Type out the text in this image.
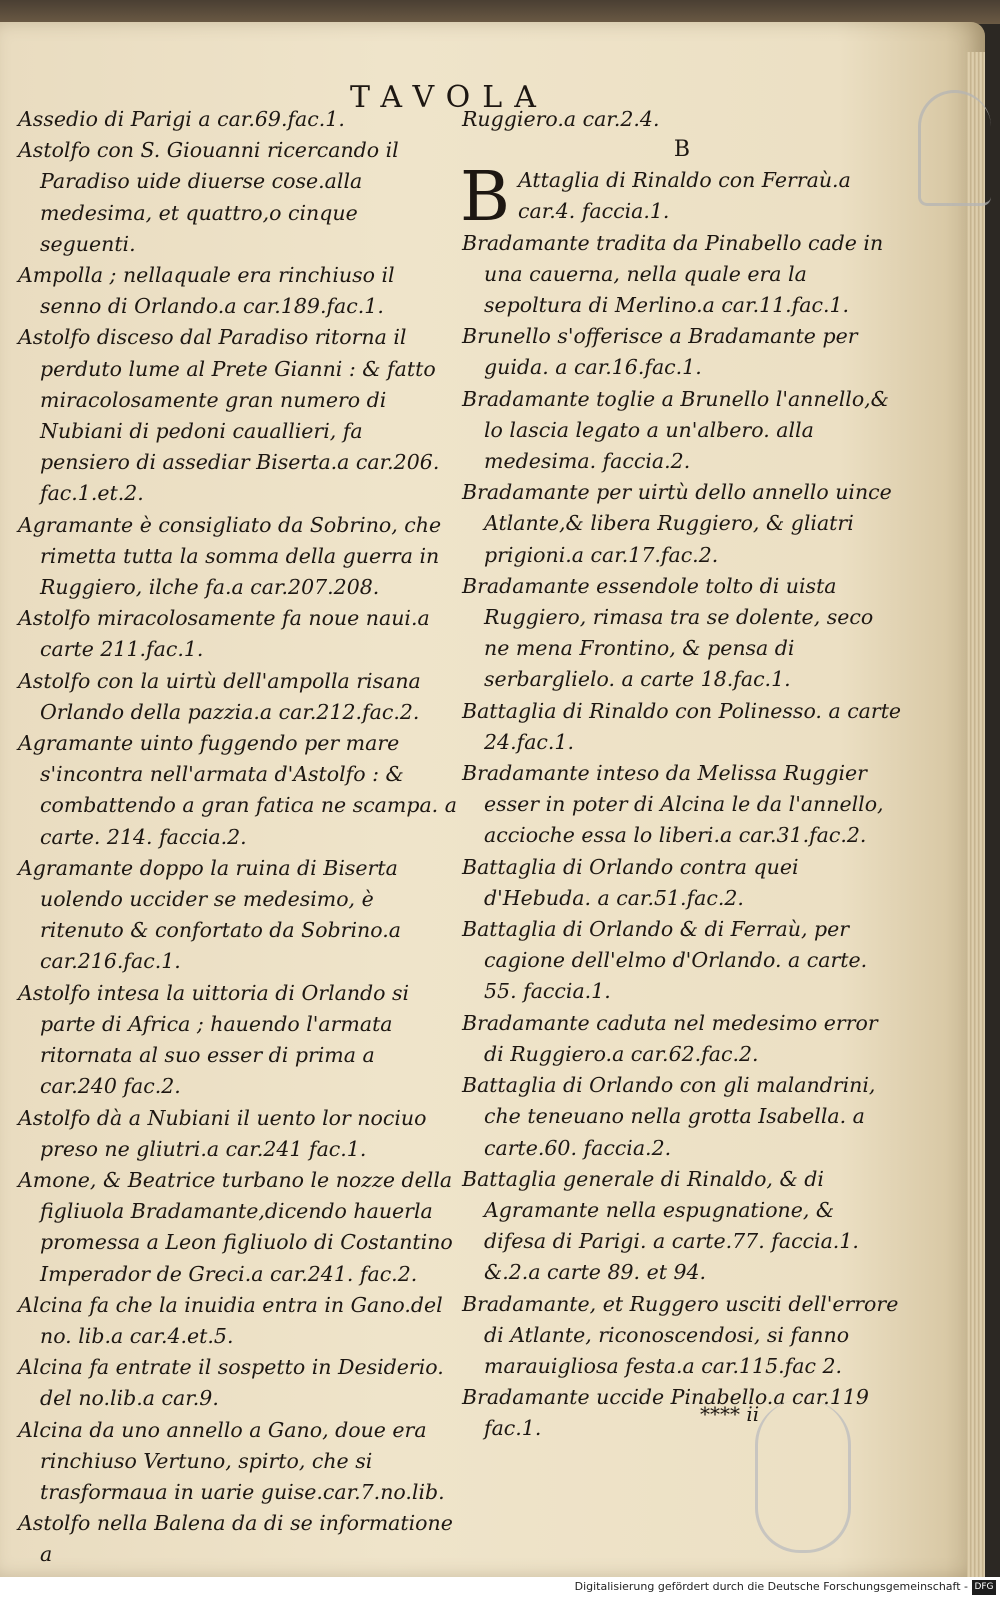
TAVOLA

Assedio di Parigi a car.69.fac.1.

Astolfo con S. Giouanni ricercando il Paradiso uide diuerse cose.alla medesima, et quattro,o cinque seguenti.

Ampolla ; nellaquale era rinchiuso il senno di Orlando.a car.189.fac.1.

Astolfo disceso dal Paradiso ritorna il perduto lume al Prete Gianni : & fatto miracolosamente gran numero di Nubiani di pedoni cauallieri, fa pensiero di assediar Biserta.a car.206. fac.1.et.2.

Agramante è consigliato da Sobrino, che rimetta tutta la somma della guerra in Ruggiero, ilche fa.a car.207.208.

Astolfo miracolosamente fa noue naui.a carte 211.fac.1.

Astolfo con la uirtù dell'ampolla risana Orlando della pazzia.a car.212.fac.2.

Agramante uinto fuggendo per mare s'incontra nell'armata d'Astolfo : & combattendo a gran fatica ne scampa. a carte. 214. faccia.2.

Agramante doppo la ruina di Biserta uolendo uccider se medesimo, è ritenuto & confortato da Sobrino.a car.216.fac.1.

Astolfo intesa la uittoria di Orlando si parte di Africa ; hauendo l'armata ritornata al suo esser di prima a car.240 fac.2.

Astolfo dà a Nubiani il uento lor nociuo preso ne gliutri.a car.241 fac.1.

Amone, & Beatrice turbano le nozze della figliuola Bradamante,dicendo hauerla promessa a Leon figliuolo di Costantino Imperador de Greci.a car.241. fac.2.

Alcina fa che la inuidia entra in Gano.del no. lib.a car.4.et.5.

Alcina fa entrate il sospetto in Desiderio. del no.lib.a car.9.

Alcina da uno annello a Gano, doue era rinchiuso Vertuno, spirto, che si trasformaua in uarie guise.car.7.no.lib.

Astolfo nella Balena da di se informatione a

Ruggiero.a car.2.4.

B

B Attaglia di Rinaldo con Ferraù.a car.4. faccia.1.

Bradamante tradita da Pinabello cade in una cauerna, nella quale era la sepoltura di Merlino.a car.11.fac.1.

Brunello s'offerisce a Bradamante per guida. a car.16.fac.1.

Bradamante toglie a Brunello l'annello,& lo lascia legato a un'albero. alla medesima. faccia.2.

Bradamante per uirtù dello annello uince Atlante,& libera Ruggiero, & gliatri prigioni.a car.17.fac.2.

Bradamante essendole tolto di uista Ruggiero, rimasa tra se dolente, seco ne mena Frontino, & pensa di serbarglielo. a carte 18.fac.1.

Battaglia di Rinaldo con Polinesso. a carte 24.fac.1.

Bradamante inteso da Melissa Ruggier esser in poter di Alcina le da l'annello, accioche essa lo liberi.a car.31.fac.2.

Battaglia di Orlando contra quei d'Hebuda. a car.51.fac.2.

Battaglia di Orlando & di Ferraù, per cagione dell'elmo d'Orlando. a carte. 55. faccia.1.

Bradamante caduta nel medesimo error di Ruggiero.a car.62.fac.2.

Battaglia di Orlando con gli malandrini, che teneuano nella grotta Isabella. a carte.60. faccia.2.

Battaglia generale di Rinaldo, & di Agramante nella espugnatione, & difesa di Parigi. a carte.77. faccia.1. &.2.a carte 89. et 94.

Bradamante, et Ruggero usciti dell'errore di Atlante, riconoscendosi, si fanno marauigliosa festa.a car.115.fac 2.

Bradamante uccide Pinabello.a car.119 fac.1.

**** ii
Digitalisierung gefördert durch die Deutsche Forschungsgemeinschaft - DFG
